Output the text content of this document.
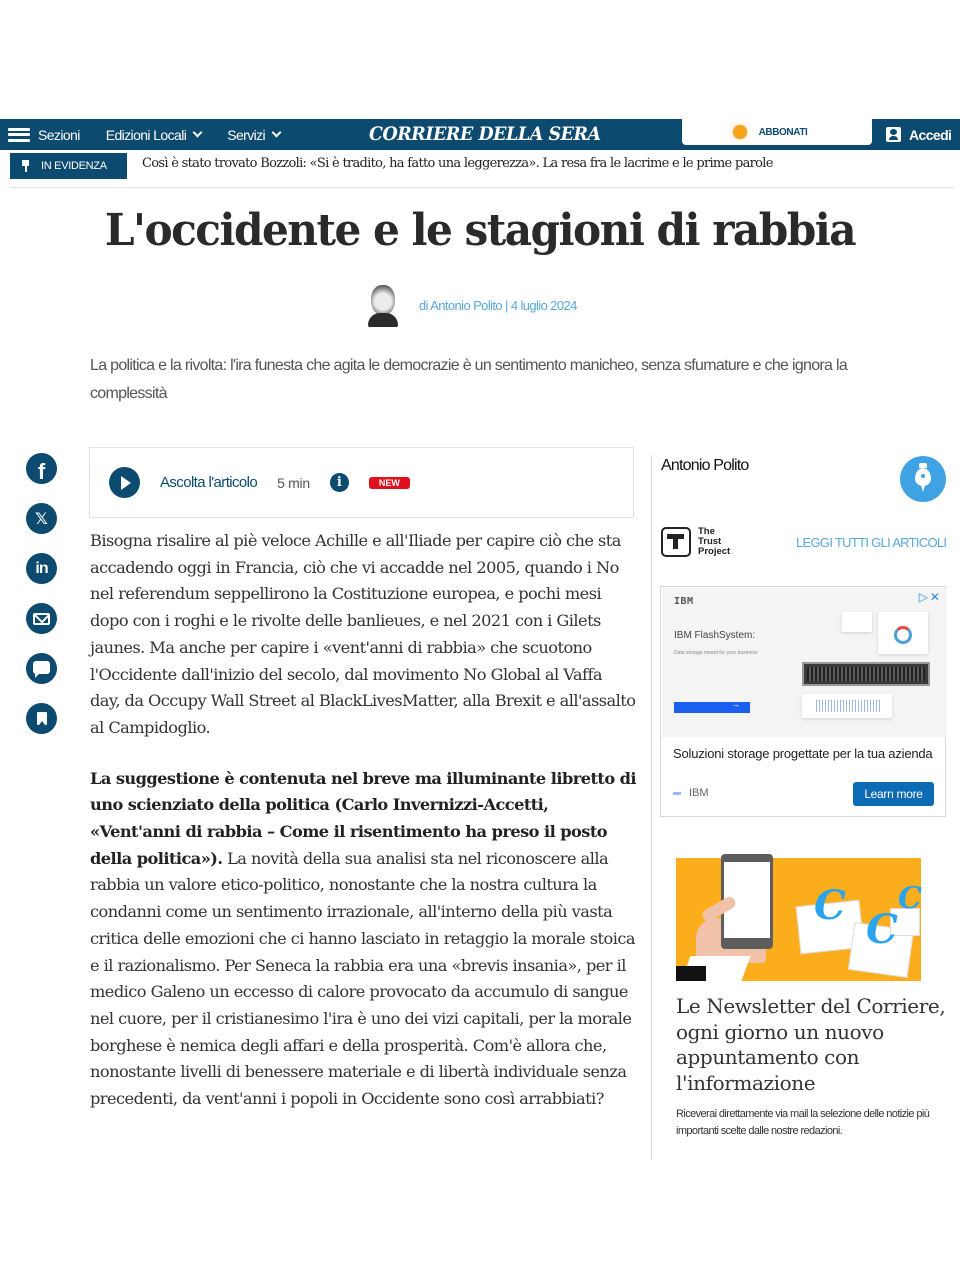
Sezioni Edizioni Locali	Servizi	CORRIERE DELLA SERA	ABBONATI	Accedi
IN EVIDENZA	Così è stato trovato Bozzoli: «Si è tradito, ha fatto una leggerezza». La resa fra le lacrime e le prime parole
L'occidente e le stagioni di rabbia
di Antonio Polito | 4 luglio 2024

La politica e la rivolta: l'ira funesta che agita le democrazie è un sentimento manicheo, senza sfumature e che ignora la complessità

f
𝕏
in
Ascolta l'articolo 5 min	i	NEW

Bisogna risalire al piè veloce Achille e all'Iliade per capire ciò che sta accadendo oggi in Francia, ciò che vi accadde nel 2005, quando i No nel referendum seppellirono la Costituzione europea, e pochi mesi dopo con i roghi e le rivolte delle banlieues, e nel 2021 con i Gilets jaunes. Ma anche per capire i «vent'anni di rabbia» che scuotono l'Occidente dall'inizio del secolo, dal movimento No Global al Vaffa day, da Occupy Wall Street al BlackLivesMatter, alla Brexit e all'assalto al Campidoglio.

La suggestione è contenuta nel breve ma illuminante libretto di uno scienziato della politica (Carlo Invernizzi-Accetti, «Vent'anni di rabbia – Come il risentimento ha preso il posto della politica»). La novità della sua analisi sta nel riconoscere alla rabbia un valore etico-politico, nonostante che la nostra cultura la condanni come un sentimento irrazionale, all'interno della più vasta critica delle emozioni che ci hanno lasciato in retaggio la morale stoica e il razionalismo. Per Seneca la rabbia era una «brevis insania», per il medico Galeno un eccesso di calore provocato da accumulo di sangue nel cuore, per il cristianesimo l'ira è uno dei vizi capitali, per la morale borghese è nemica degli affari e della prosperità. Com'è allora che, nonostante livelli di benessere materiale e di libertà individuale senza precedenti, da vent'anni i popoli in Occidente sono così arrabbiati?

Antonio Polito
The
Trust
Project
LEGGI TUTTI GLI ARTICOLI
IBM
IBM FlashSystem:
Data storage meant for your business
→
▷✕
Soluzioni storage progettate per la tua azienda
IBM	Learn more
C
C
C
Le Newsletter del Corriere, ogni giorno un nuovo appuntamento con l'informazione
Riceverai direttamente via mail la selezione delle notizie più importanti scelte dalle nostre redazioni.
